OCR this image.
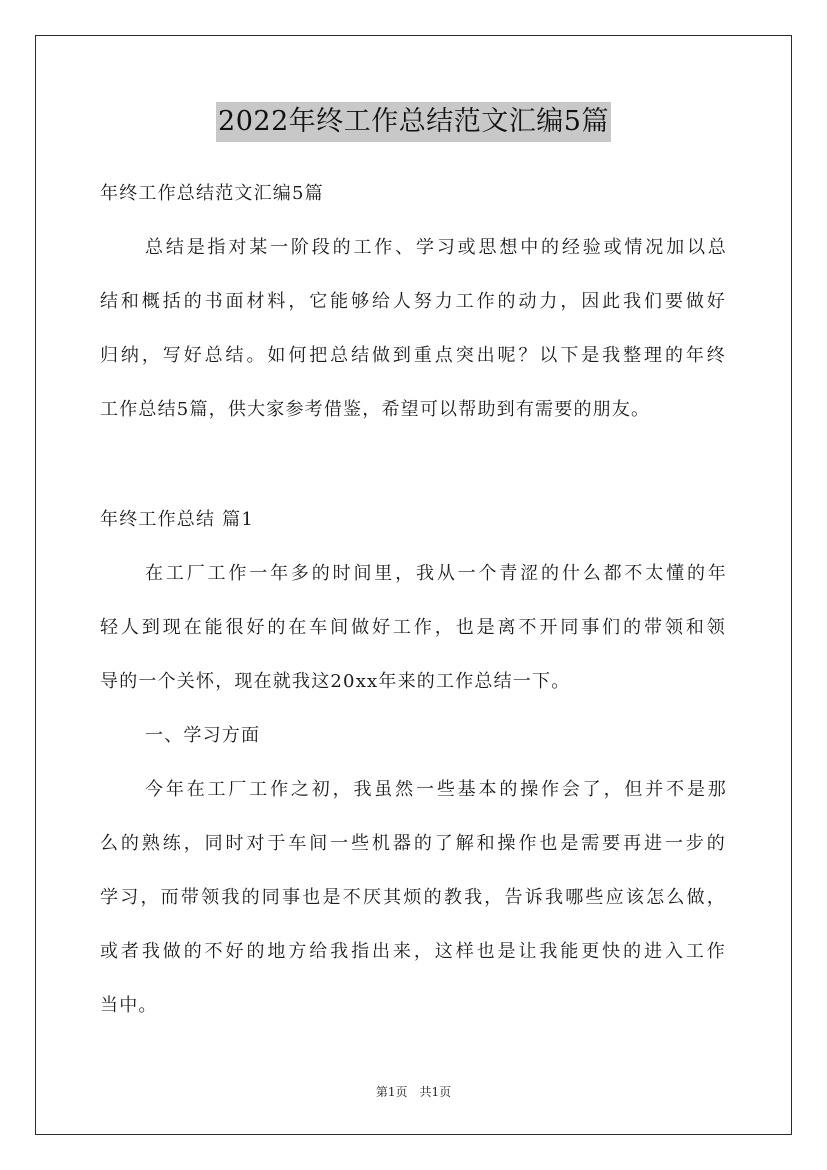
2022年终工作总结范文汇编5篇
年终工作总结范文汇编5篇
总结是指对某一阶段的工作、学习或思想中的经验或情况加以总
结和概括的书面材料，它能够给人努力工作的动力，因此我们要做好
归纳，写好总结。如何把总结做到重点突出呢？以下是我整理的年终
工作总结5篇，供大家参考借鉴，希望可以帮助到有需要的朋友。
年终工作总结 篇1
在工厂工作一年多的时间里，我从一个青涩的什么都不太懂的年
轻人到现在能很好的在车间做好工作，也是离不开同事们的带领和领
导的一个关怀，现在就我这20xx年来的工作总结一下。
一、学习方面
今年在工厂工作之初，我虽然一些基本的操作会了，但并不是那
么的熟练，同时对于车间一些机器的了解和操作也是需要再进一步的
学习，而带领我的同事也是不厌其烦的教我，告诉我哪些应该怎么做，
或者我做的不好的地方给我指出来，这样也是让我能更快的进入工作
当中。
第1页　共1页
